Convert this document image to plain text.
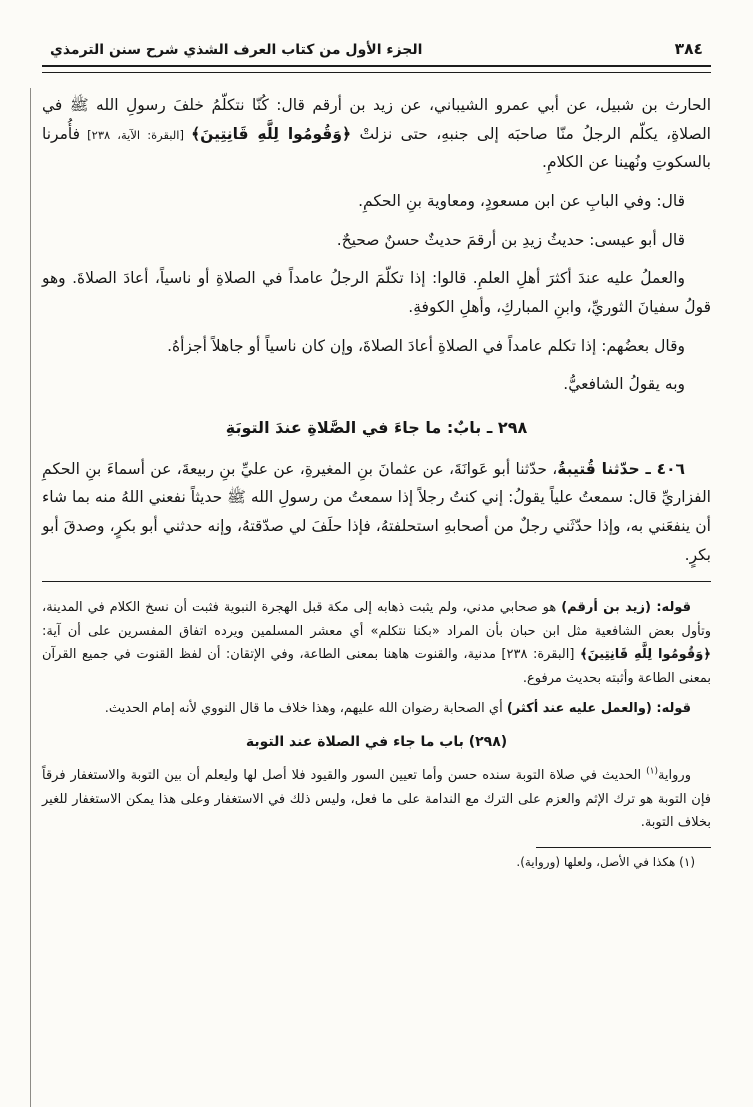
الجزء الأول من كتاب العرف الشذي شرح سنن الترمذي	٣٨٤

الحارث بن شبيل، عن أبي عمرو الشيباني، عن زيد بن أرقم قال: كُنّا نتكلّمُ خلفَ رسولِ الله ﷺ في الصلاةِ، يكلّم الرجلُ منّا صاحبَه إلى جنبهِ، حتى نزلتْ ﴿وَقُومُوا لِلَّهِ قَانِتِينَ﴾ [البقرة: الآية، ٢٣٨] فأُمرنا بالسكوتِ ونُهينا عن الكلامِ.

قال: وفي البابِ عن ابن مسعودٍ، ومعاوية بنِ الحكمِ.

قال أبو عيسى: حديثُ زيدِ بن أرقمَ حديثٌ حسنٌ صحيحٌ.

والعملُ عليه عندَ أكثرَ أهلِ العلمِ. قالوا: إذا تكلّمَ الرجلُ عامداً في الصلاةِ أو ناسياً، أعادَ الصلاةَ. وهو قولُ سفيانَ الثوريِّ، وابنِ المباركِ، وأهلِ الكوفةِ.

وقال بعضُهم: إذا تكلم عامداً في الصلاةِ أعادَ الصلاةَ، وإن كان ناسياً أو جاهلاً أجزأهُ.

وبه يقولُ الشافعيُّ.

٢٩٨ ـ بابٌ: ما جاءَ في الصَّلاةِ عندَ التوبَةِ

٤٠٦ ـ حدّثنا قُتيبةُ، حدّثنا أبو عَوانَةَ، عن عثمانَ بنِ المغيرةِ، عن عليِّ بنِ ربيعةَ، عن أسماءَ بنِ الحكمِ الفزاريِّ قال: سمعتُ علياً يقولُ: إني كنتُ رجلاً إذا سمعتُ من رسولِ الله ﷺ حديثاً نفعني اللهُ منه بما شاء أن ينفعَني به، وإذا حدّثَني رجلٌ من أصحابهِ استحلفتهُ، فإذا حلَفَ لي صدّقتهُ، وإنه حدثني أبو بكرٍ، وصدقَ أبو بكرٍ.

قوله: (زيد بن أرقم) هو صحابي مدني، ولم يثبت ذهابه إلى مكة قبل الهجرة النبوية فثبت أن نسخ الكلام في المدينة، وتأول بعض الشافعية مثل ابن حبان بأن المراد «بكنا نتكلم» أي معشر المسلمين ويرده اتفاق المفسرين على أن آية: ﴿وَقُومُوا لِلَّهِ قَانِتِينَ﴾ [البقرة: ٢٣٨] مدنية، والقنوت هاهنا بمعنى الطاعة، وفي الإتقان: أن لفظ القنوت في جميع القرآن بمعنى الطاعة وأثبته بحديث مرفوع.

قوله: (والعمل عليه عند أكثر) أي الصحابة رضوان الله عليهم، وهذا خلاف ما قال النووي لأنه إمام الحديث.

(٢٩٨) باب ما جاء في الصلاة عند التوبة

ورواية$^{(١)}$ الحديث في صلاة التوبة سنده حسن وأما تعيين السور والقيود فلا أصل لها وليعلم أن بين التوبة والاستغفار فرقاً فإن التوبة هو ترك الإثم والعزم على الترك مع الندامة على ما فعل، وليس ذلك في الاستغفار وعلى هذا يمكن الاستغفار للغير بخلاف التوبة.

(١) هكذا في الأصل، ولعلها (ورواية).
